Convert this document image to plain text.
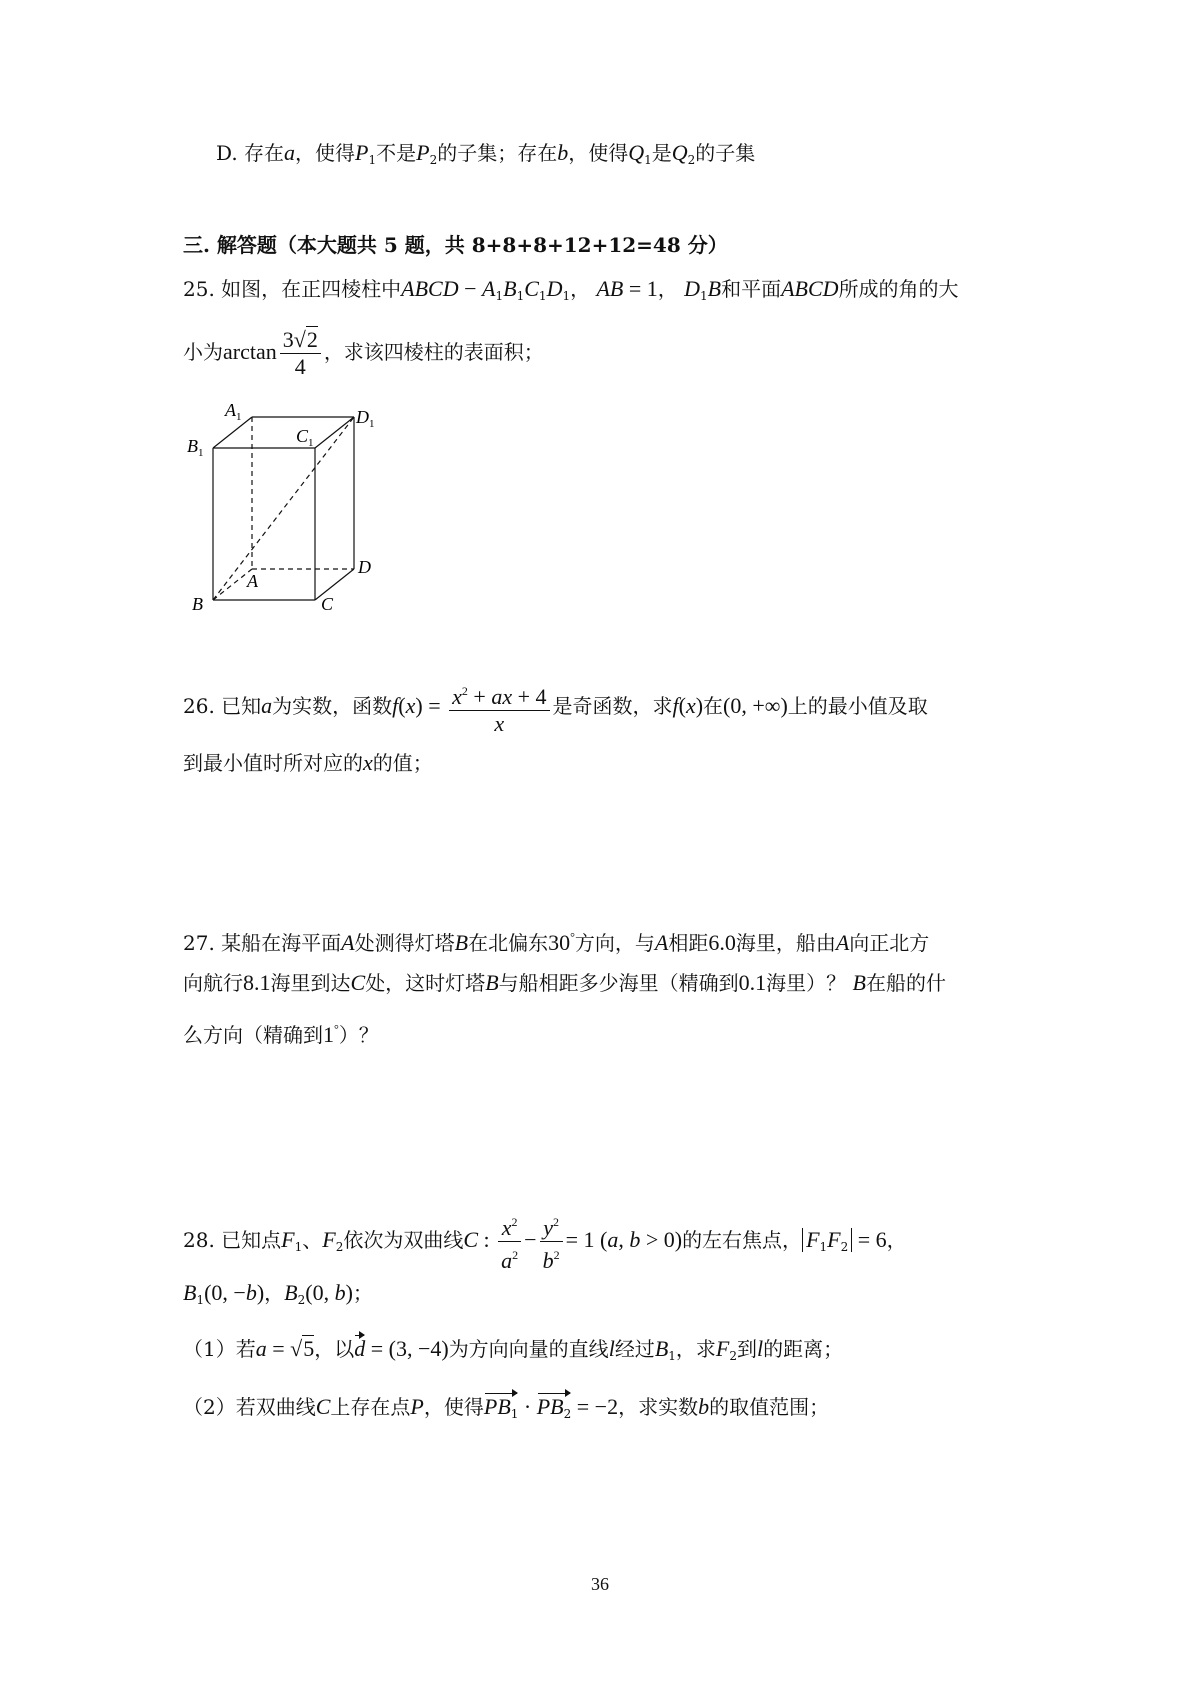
D. 存在a，使得$P_1$不是$P_2$的子集；存在b，使得$Q_1$是$Q_2$的子集
三. 解答题（本大题共 5 题，共 8+8+8+12+12=48 分）
25. 如图，在正四棱柱中ABCD − $A_1B_1C_1D_1$， AB = 1， $D_1B$和平面ABCD所成的角的大
小为$\arctan \frac{3√2}{4}$ ，求该四棱柱的表面积；
$A_1$	$D_1$
$B_1$
$C_1$
A
D
B	C
26. 已知a为实数，函数$f(x) = \frac{x^2 + ax + 4}{x}$ 是奇函数，求f(x)在(0, +∞)上的最小值及取
到最小值时所对应的x的值；
27. 某船在海平面A处测得灯塔B在北偏东30°方向，与A相距6.0海里，船由A向正北方
向航行8.1海里到达C处，这时灯塔B与船相距多少海里（精确到0.1海里）？ B在船的什
么方向（精确到1°）？
28. 已知点$F_1$、$F_2$依次为双曲线C : $\frac{x^2}{a^2} - \frac{y^2}{b^2} = 1$ (a, b > 0)的左右焦点， $F_1F_2 = 6$，
$B_1(0$, −b)，$B_2(0$, b)；
（1）若a = √5，以d = (3, −4)为方向向量的直线l经过$B_1$，求$F_2$到l的距离；
（2）若双曲线C上存在点P，使得$PB_1 \cdot PB_2 = -2$，求实数b的取值范围；
36
